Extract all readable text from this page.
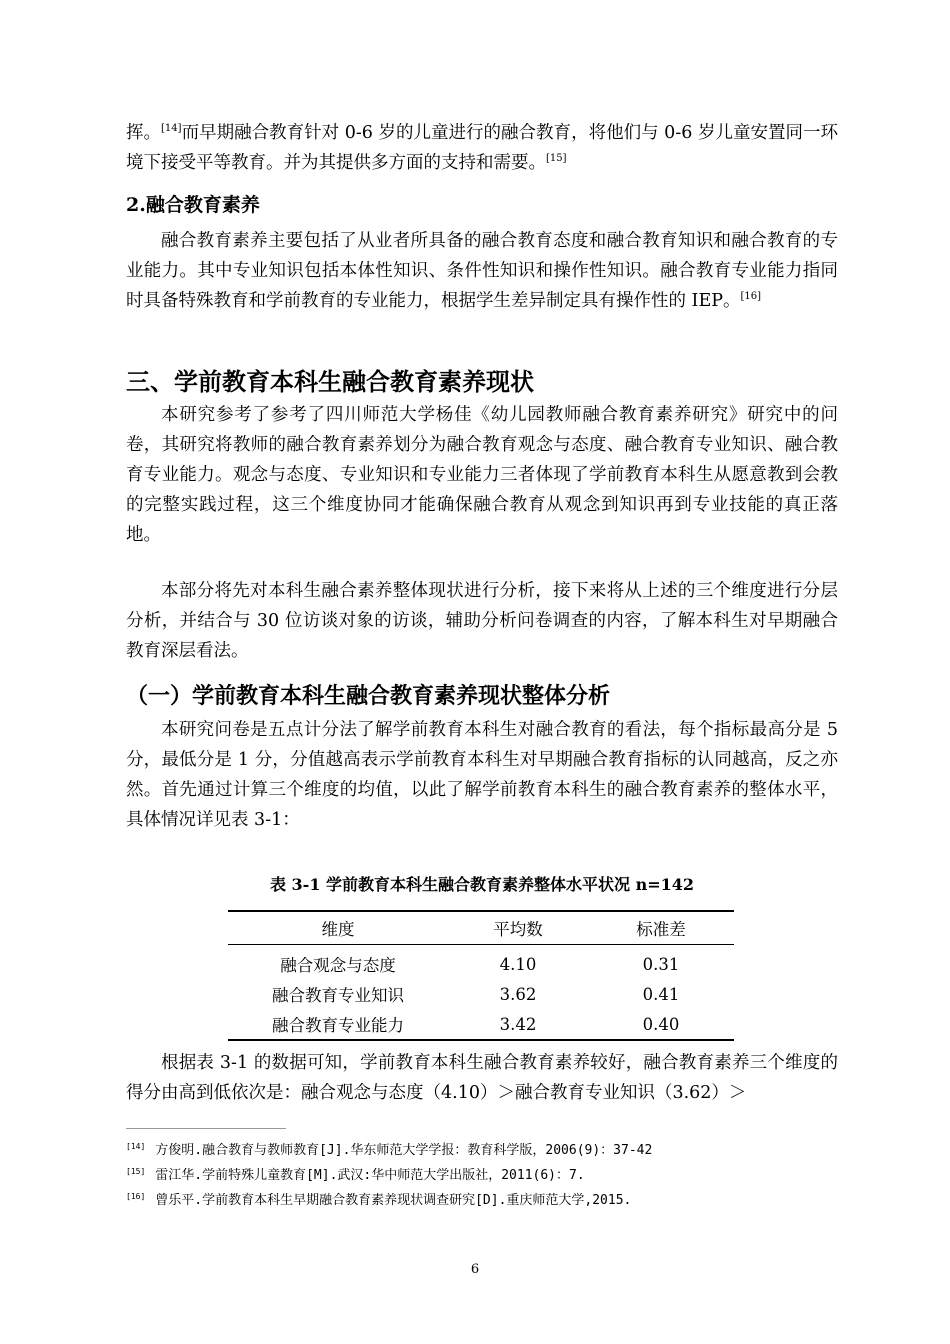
挥。[14]而早期融合教育针对 0-6 岁的儿童进行的融合教育，将他们与 0-6 岁儿童安置同一环境下接受平等教育。并为其提供多方面的支持和需要。[15]

2.融合教育素养

融合教育素养主要包括了从业者所具备的融合教育态度和融合教育知识和融合教育的专业能力。其中专业知识包括本体性知识、条件性知识和操作性知识。融合教育专业能力指同时具备特殊教育和学前教育的专业能力，根据学生差异制定具有操作性的 IEP。[16]

三、学前教育本科生融合教育素养现状

本研究参考了参考了四川师范大学杨佳《幼儿园教师融合教育素养研究》研究中的问卷，其研究将教师的融合教育素养划分为融合教育观念与态度、融合教育专业知识、融合教育专业能力。观念与态度、专业知识和专业能力三者体现了学前教育本科生从愿意教到会教的完整实践过程，这三个维度协同才能确保融合教育从观念到知识再到专业技能的真正落地。

本部分将先对本科生融合素养整体现状进行分析，接下来将从上述的三个维度进行分层分析，并结合与 30 位访谈对象的访谈，辅助分析问卷调查的内容，了解本科生对早期融合教育深层看法。

（一）学前教育本科生融合教育素养现状整体分析

本研究问卷是五点计分法了解学前教育本科生对融合教育的看法，每个指标最高分是 5 分，最低分是 1 分，分值越高表示学前教育本科生对早期融合教育指标的认同越高，反之亦然。首先通过计算三个维度的均值，以此了解学前教育本科生的融合教育素养的整体水平，具体情况详见表 3-1：

表 3-1 学前教育本科生融合教育素养整体水平状况 n=142

维度	平均数	标准差
融合观念与态度	4.10	0.31
融合教育专业知识	3.62	0.41
融合教育专业能力	3.42	0.40

根据表 3-1 的数据可知，学前教育本科生融合教育素养较好，融合教育素养三个维度的得分由高到低依次是：融合观念与态度（4.10）＞融合教育专业知识（3.62）＞

[14] 方俊明.融合教育与教师教育[J].华东师范大学学报：教育科学版，2006(9)：37-42

[15] 雷江华.学前特殊儿童教育[M].武汉:华中师范大学出版社，2011(6)：7.

[16] 曾乐平.学前教育本科生早期融合教育素养现状调查研究[D].重庆师范大学,2015.

6
